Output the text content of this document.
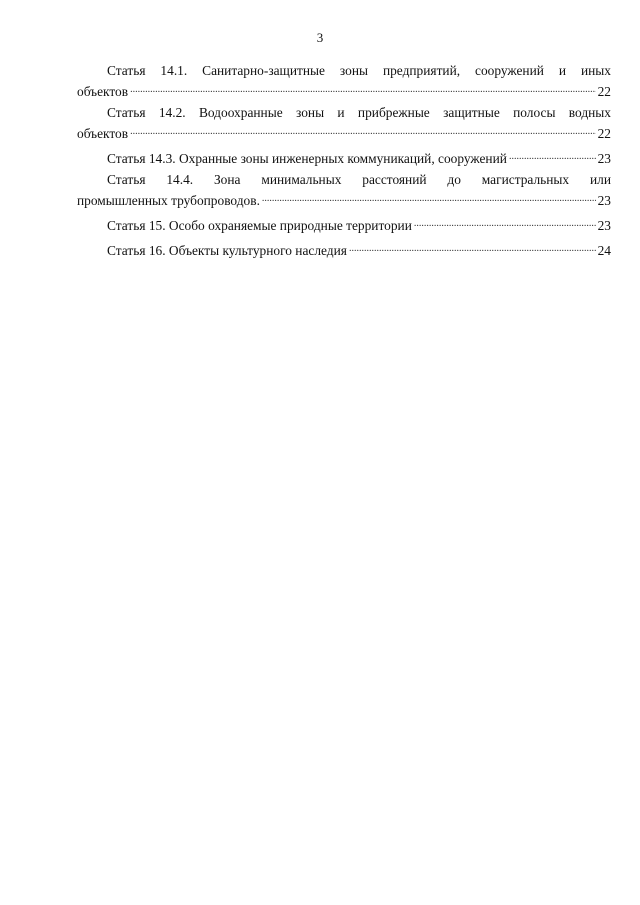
3
Статья 14.1. Санитарно-защитные зоны предприятий, сооружений и иных
объектов .....	22
Статья 14.2. Водоохранные зоны и прибрежные защитные полосы водных
объектов .....	22
Статья 14.3. Охранные зоны инженерных коммуникаций, сооружений .....	23
Статья 14.4. Зона минимальных расстояний до магистральных или
промышленных трубопроводов. .....	23
Статья 15. Особо охраняемые природные территории .....	23
Статья 16. Объекты культурного наследия .....	24
